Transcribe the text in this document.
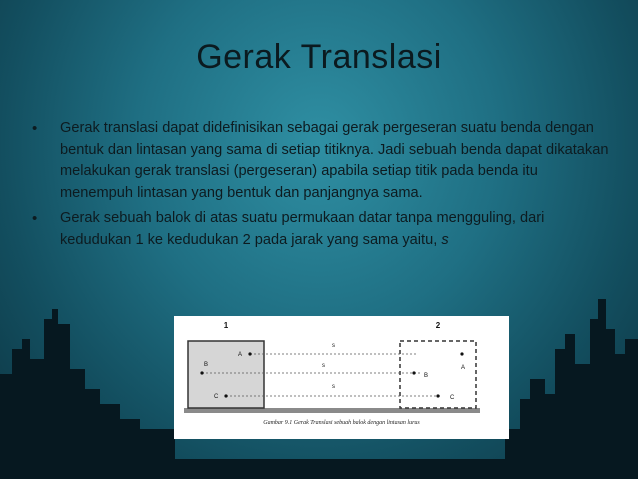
Gerak Translasi
• Gerak translasi dapat didefinisikan sebagai gerak pergeseran suatu benda dengan bentuk dan lintasan yang sama di setiap titiknya. Jadi sebuah benda dapat dikatakan melakukan gerak translasi (pergeseran) apabila setiap titik pada benda itu menempuh lintasan yang bentuk dan panjangnya sama.
• Gerak sebuah balok di atas suatu permukaan datar tanpa mengguling, dari kedudukan 1 ke kedudukan 2 pada jarak yang sama yaitu, s
1	2
A
B
C
A
B
C
s
s
s
Gambar 9.1 Gerak Translasi sebuah balok dengan lintasan lurus
